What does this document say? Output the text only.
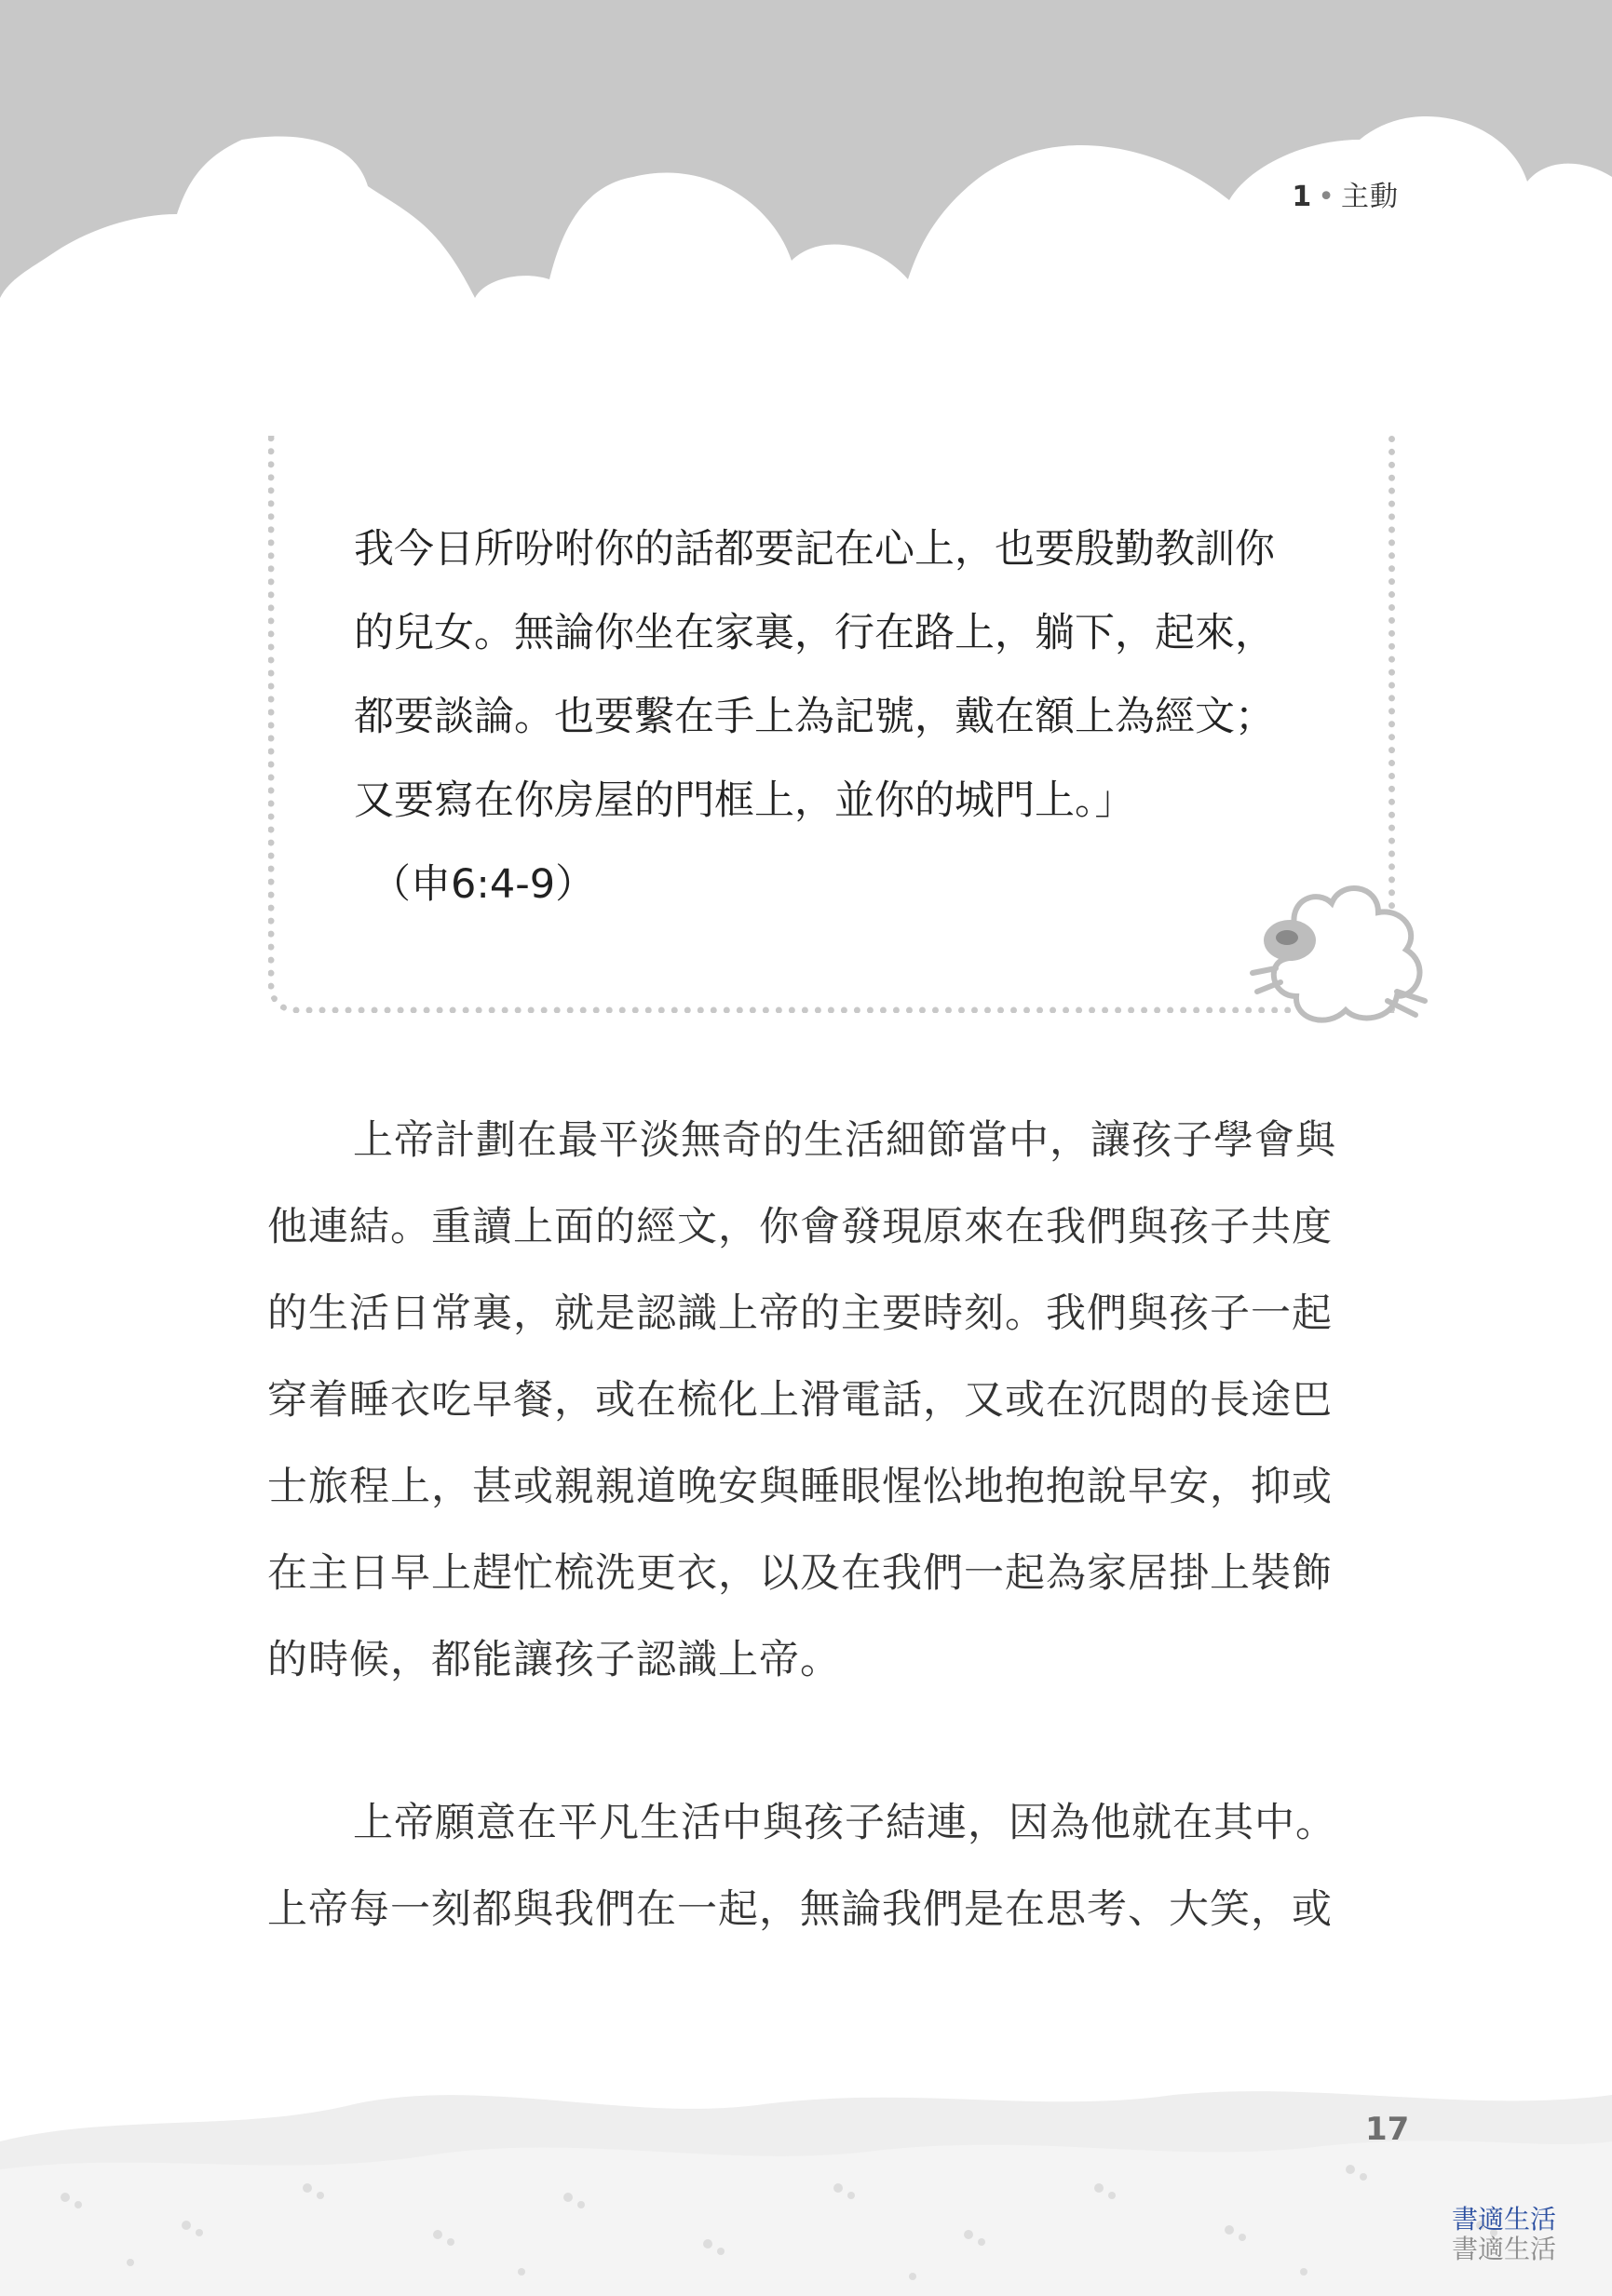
1 • 主動
我今日所吩咐你的話都要記在心上，也要殷勤教訓你
的兒女。無論你坐在家裏，行在路上，躺下，起來，
都要談論。也要繫在手上為記號，戴在額上為經文；
又要寫在你房屋的門框上，並你的城門上。」
（申6:4-9）
上帝計劃在最平淡無奇的生活細節當中，讓孩子學會與
他連結。重讀上面的經文，你會發現原來在我們與孩子共度
的生活日常裏，就是認識上帝的主要時刻。我們與孩子一起
穿着睡衣吃早餐，或在梳化上滑電話，又或在沉悶的長途巴
士旅程上，甚或親親道晚安與睡眼惺忪地抱抱說早安，抑或
在主日早上趕忙梳洗更衣，以及在我們一起為家居掛上裝飾
的時候，都能讓孩子認識上帝。
上帝願意在平凡生活中與孩子結連，因為他就在其中。
上帝每一刻都與我們在一起，無論我們是在思考、大笑，或
17
書適生活
書適生活
